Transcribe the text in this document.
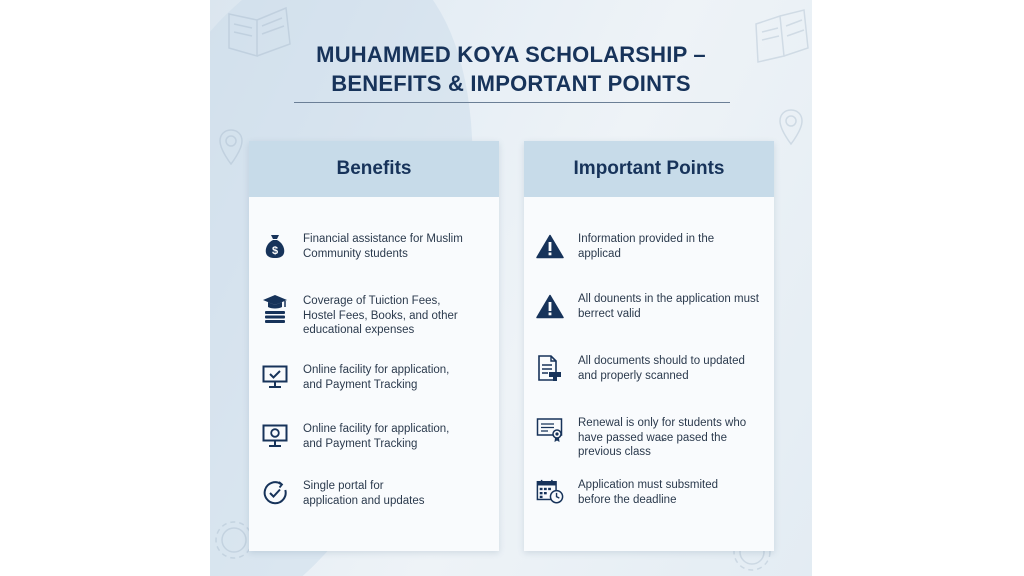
MUHAMMED KOYA SCHOLARSHIP –
BENEFITS & IMPORTANT POINTS
Benefits
$
Financial assistance for Muslim
Community students
Coverage of Tuiction Fees,
Hostel Fees, Books, and other
educational expenses
Online facility for application,
and Payment Tracking
Online facility for application,
and Payment Tracking
Single portal for
application and updates
Important Points
Information provided in the
applicad
All dounents in the application must
berrect valid
All documents should to updated
and properly scanned
Renewal is only for students who
have passed waɕe pased the
previous class
Application must subsmited
before the deadline
